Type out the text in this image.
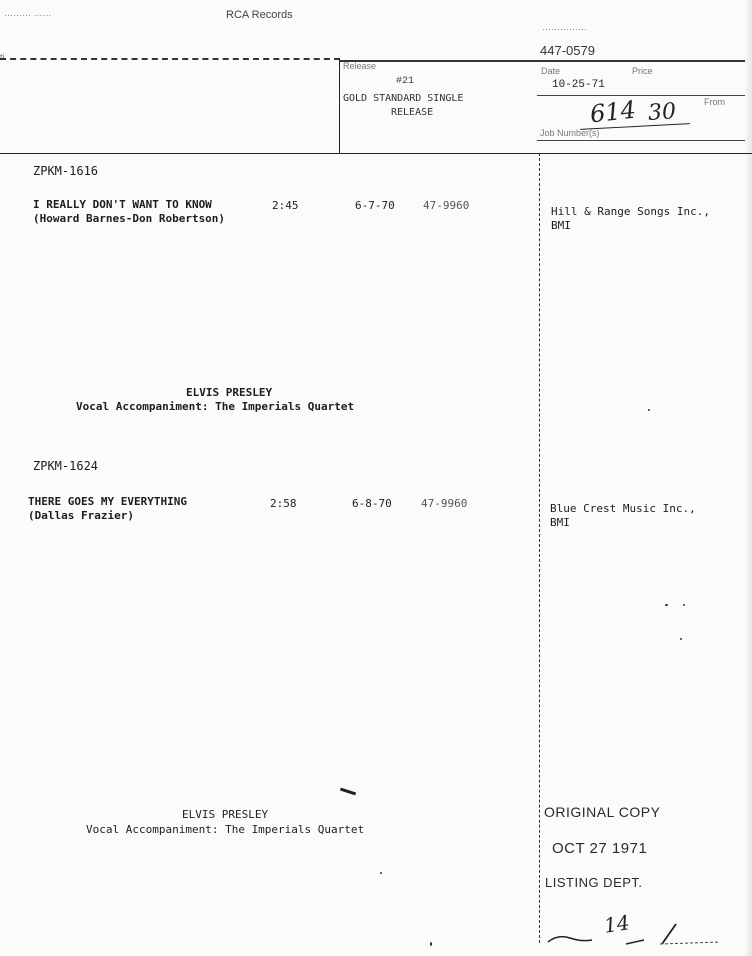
……… ……	RCA Records
……………
447-0579
ti.
Release
#21
GOLD STANDARD SINGLE
RELEASE
Date	Price
10-25-71
From
614 30
Job Number(s)
ZPKM-1616
I REALLY DON'T WANT TO KNOW
(Howard Barnes-Don Robertson)
2:45	6-7-70	47-9960	Hill & Range Songs Inc.,
BMI
ELVIS PRESLEY
Vocal Accompaniment: The Imperials Quartet
ZPKM-1624
THERE GOES MY EVERYTHING
(Dallas Frazier)
2:58	6-8-70	47-9960	Blue Crest Music Inc.,
BMI
ELVIS PRESLEY
Vocal Accompaniment: The Imperials Quartet
ORIGINAL COPY
OCT 27 1971
LISTING DEPT.
14
